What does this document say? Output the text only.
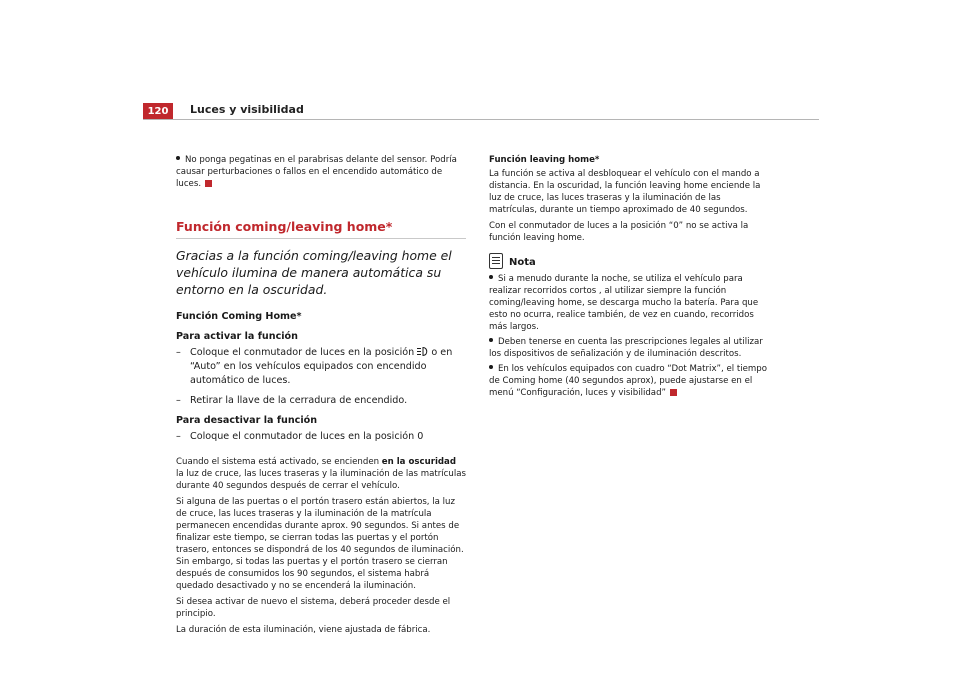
120 Luces y visibilidad

No ponga pegatinas en el parabrisas delante del sensor. Podría causar perturbaciones o fallos en el encendido automático de luces.

Función coming/leaving home*

Gracias a la función coming/leaving home el vehículo ilumina de manera automática su entorno en la oscuridad.

Función Coming Home*

Para activar la función

– Coloque el conmutador de luces en la posición o en “Auto” en los vehículos equipados con encendido automático de luces.

– Retirar la llave de la cerradura de encendido.

Para desactivar la función

– Coloque el conmutador de luces en la posición 0

Cuando el sistema está activado, se encienden en la oscuridad la luz de cruce, las luces traseras y la iluminación de las matrículas durante 40 segundos después de cerrar el vehículo.

Si alguna de las puertas o el portón trasero están abiertos, la luz de cruce, las luces traseras y la iluminación de la matrícula permanecen encendidas durante aprox. 90 segundos. Si antes de finalizar este tiempo, se cierran todas las puertas y el portón trasero, entonces se dispondrá de los 40 segundos de iluminación. Sin embargo, si todas las puertas y el portón trasero se cierran después de consumidos los 90 segundos, el sistema habrá quedado desactivado y no se encenderá la iluminación.

Si desea activar de nuevo el sistema, deberá proceder desde el principio.

La duración de esta iluminación, viene ajustada de fábrica.

Función leaving home*

La función se activa al desbloquear el vehículo con el mando a distancia. En la oscuridad, la función leaving home enciende la luz de cruce, las luces traseras y la iluminación de las matrículas, durante un tiempo aproximado de 40 segundos.

Con el conmutador de luces a la posición “0” no se activa la función leaving home.

Nota

Si a menudo durante la noche, se utiliza el vehículo para realizar recorridos cortos , al utilizar siempre la función coming/leaving home, se descarga mucho la batería. Para que esto no ocurra, realice también, de vez en cuando, recorridos más largos.

Deben tenerse en cuenta las prescripciones legales al utilizar los dispositivos de señalización y de iluminación descritos.

En los vehículos equipados con cuadro “Dot Matrix”, el tiempo de Coming home (40 segundos aprox), puede ajustarse en el menú “Configuración, luces y visibilidad”
